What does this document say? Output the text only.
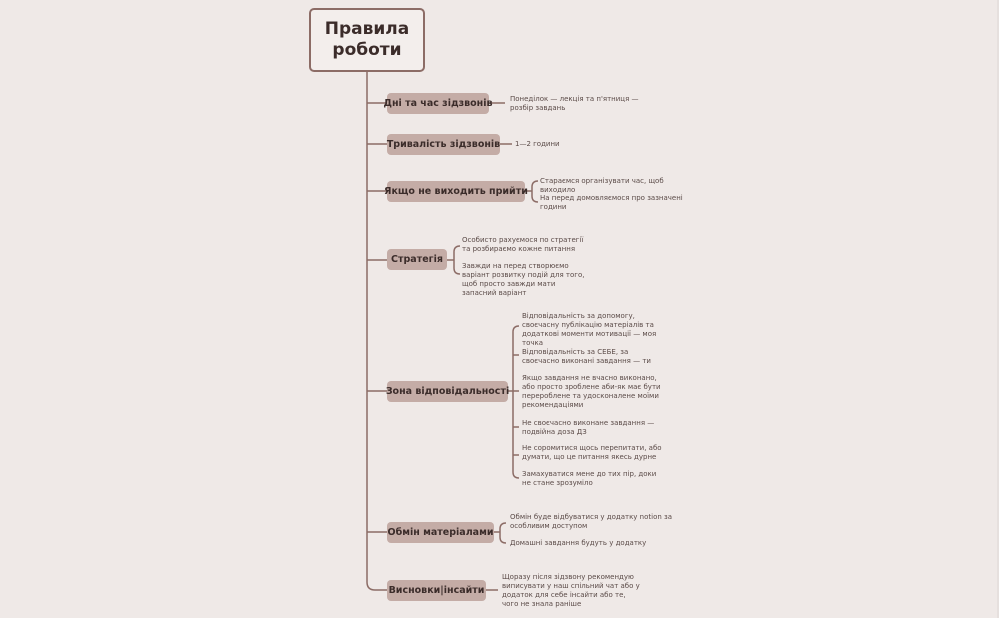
Правила роботи
Дні та час зідзвонів Понеділок — лекція та п'ятниця — розбір завдань
Тривалість зідзвонів 1—2 години
Якщо не виходить прийти
Стараємся організувати час, щоб виходило
На перед домовляємося про зазначені години
Стратегія
Особисто рахуємося по стратегії та розбираємо кожне питання
Завжди на перед створюємо варіант розвитку подій для того, щоб просто завжди мати запасний варіант
Зона відповідальності
Відповідальність за допомогу, своєчасну публікацію матеріалів та додаткові моменти мотивації — моя точка
Відповідальність за СЕБЕ, за своєчасно виконані завдання — ти
Якщо завдання не вчасно виконано, або просто зроблене аби-як має бути перероблене та удосконалене моїми рекомендаціями
Не своєчасно виконане завдання — подвійна доза ДЗ
Не соромитися щось перепитати, або думати, що це питання якесь дурне
Замахуватися мене до тих пір, доки не стане зрозуміло
Обмін матеріалами
Обмін буде відбуватися у додатку notion за особливим доступом
Домашні завдання будуть у додатку
Висновки|інсайти
Щоразу після зідзвону рекомендую виписувати у наш спільний чат або у додаток для себе інсайти або те, чого не знала раніше
